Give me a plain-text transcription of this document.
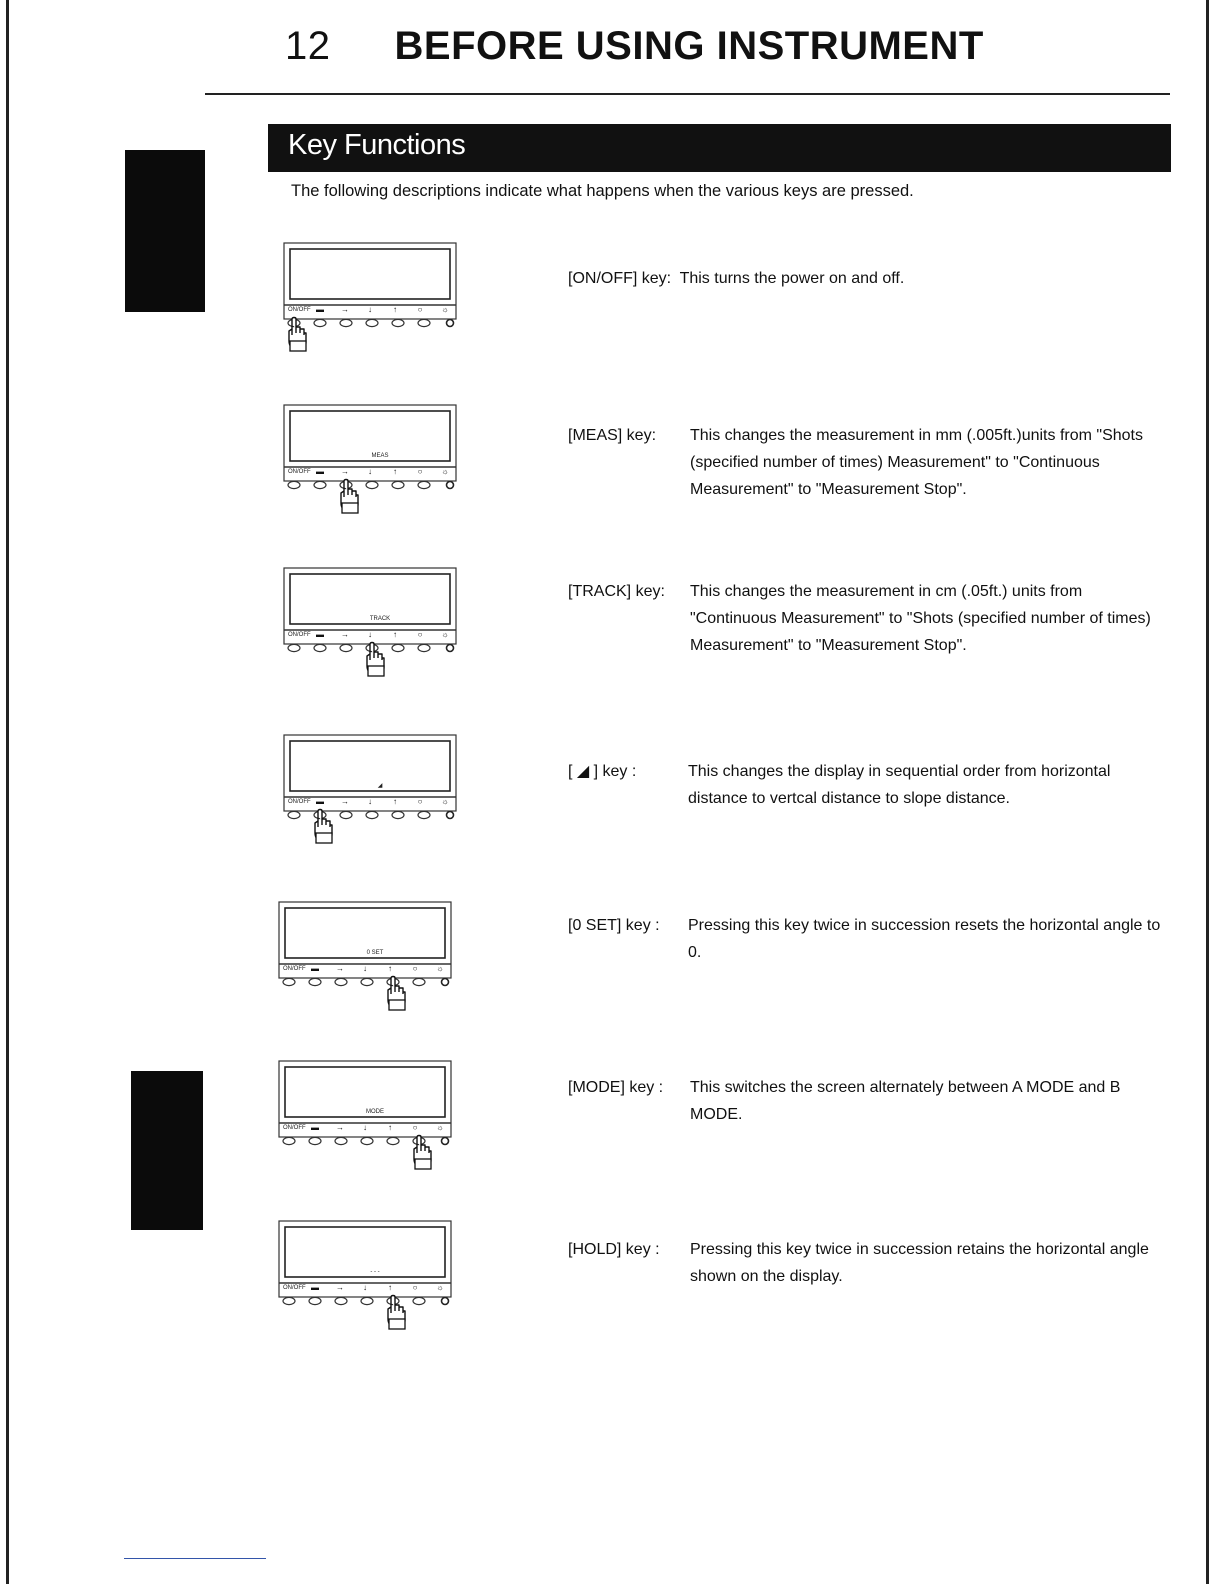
12 BEFORE USING INSTRUMENT
Key Functions
The following descriptions indicate what happens when the various keys are pressed.
ON/OFF ▬ → ↓	↑	○ ☼
[ON/OFF] key: This turns the power on and off.
MEAS
ON/OFF ▬ → ↓	↑	○ ☼
[MEAS] key: This changes the measurement in mm (.005ft.)units from "Shots (specified number of times) Measurement" to "Continuous Measurement" to "Measurement Stop".
TRACK
ON/OFF ▬ → ↓	↑	○ ☼
[TRACK] key: This changes the measurement in cm (.05ft.) units from "Continuous Measurement" to "Shots (specified number of times) Measurement" to "Measurement Stop".
◢
ON/OFF ▬ → ↓	↑	○ ☼
[ ◢ ] key :	This changes the display in sequential order from horizontal distance to vertcal distance to slope distance.
0 SET
ON/OFF ▬ → ↓	↑	○ ☼
[0 SET] key : Pressing this key twice in succession resets the horizontal angle to 0.
MODE
ON/OFF ▬ → ↓	↑	○ ☼
[MODE] key : This switches the screen alternately between A MODE and B MODE.
- - -
ON/OFF ▬ → ↓	↑	○ ☼
[HOLD] key : Pressing this key twice in succession retains the horizontal angle shown on the display.
